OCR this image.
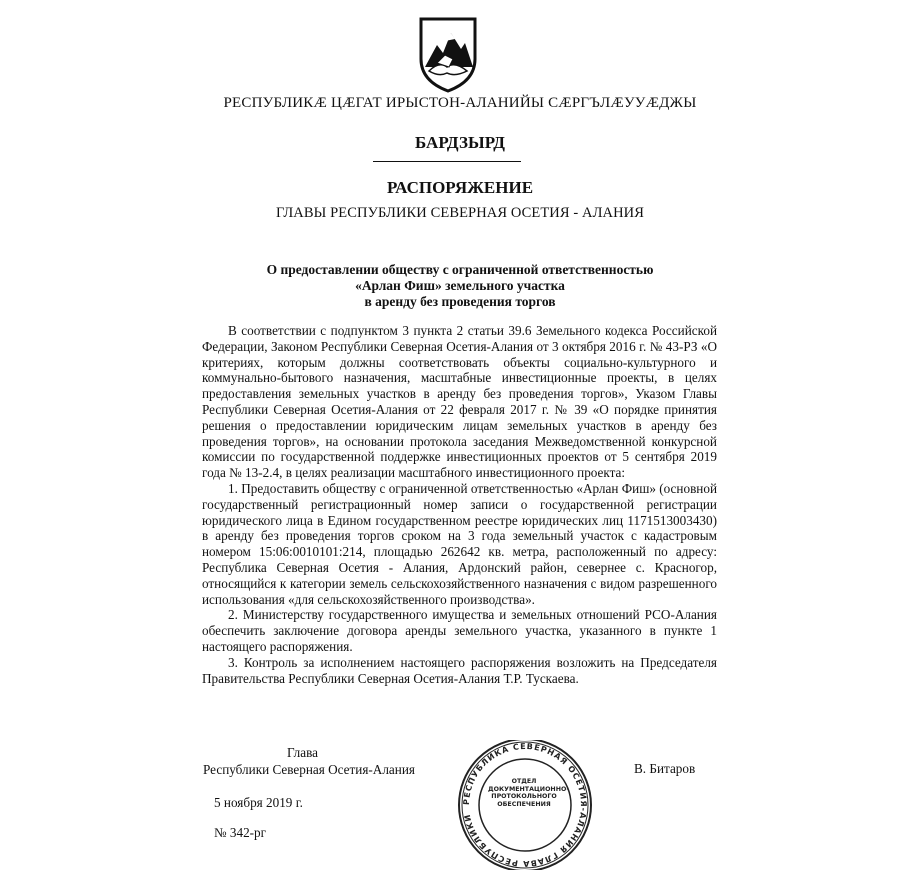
РЕСПУБЛИКӔ ЦӔГАТ ИРЫСТОН-АЛАНИЙЫ СӔРГЪЛӔУУӔДЖЫ
БАРДЗЫРД
РАСПОРЯЖЕНИЕ
ГЛАВЫ РЕСПУБЛИКИ СЕВЕРНАЯ ОСЕТИЯ - АЛАНИЯ
О предоставлении обществу с ограниченной ответственностью
«Арлан Фиш» земельного участка
в аренду без проведения торгов

В соответствии с подпунктом 3 пункта 2 статьи 39.6 Земельного кодекса Российской Федерации, Законом Республики Северная Осетия-Алания от 3 октября 2016 г. № 43-РЗ «О критериях, которым должны соответствовать объекты социально-культурного и коммунально-бытового назначения, масштабные инвестиционные проекты, в целях предоставления земельных участков в аренду без проведения торгов», Указом Главы Республики Северная Осетия-Алания от 22 февраля 2017 г. № 39 «О порядке принятия решения о предоставлении юридическим лицам земельных участков в аренду без проведения торгов», на основании протокола заседания Межведомственной конкурсной комиссии по государственной поддержке инвестиционных проектов от 5 сентября 2019 года № 13-2.4, в целях реализации масштабного инвестиционного проекта:

1. Предоставить обществу с ограниченной ответственностью «Арлан Фиш» (основной государственный регистрационный номер записи о государственной регистрации юридического лица в Едином государственном реестре юридических лиц 1171513003430) в аренду без проведения торгов сроком на 3 года земельный участок с кадастровым номером 15:06:0010101:214, площадью 262642 кв. метра, расположенный по адресу: Республика Северная Осетия - Алания, Ардонский район, севернее с. Красногор, относящийся к категории земель сельскохозяйственного назначения с видом разрешенного использования «для сельскохозяйственного производства».

2. Министерству государственного имущества и земельных отношений РСО-Алания обеспечить заключение договора аренды земельного участка, указанного в пункте 1 настоящего распоряжения.

3. Контроль за исполнением настоящего распоряжения возложить на Председателя Правительства Республики Северная Осетия-Алания Т.Р. Тускаева.

Глава
Республики Северная Осетия-Алания	В. Битаров
5 ноября 2019 г.
№ 342-рг
РЕСПУБЛИКА СЕВЕРНАЯ ОСЕТИЯ-АЛАНИЯ ГЛАВА РЕСПУБЛИКИ
ОТДЕЛ ДОКУМЕНТАЦИОННО- ПРОТОКОЛЬНОГО ОБЕСПЕЧЕНИЯ
